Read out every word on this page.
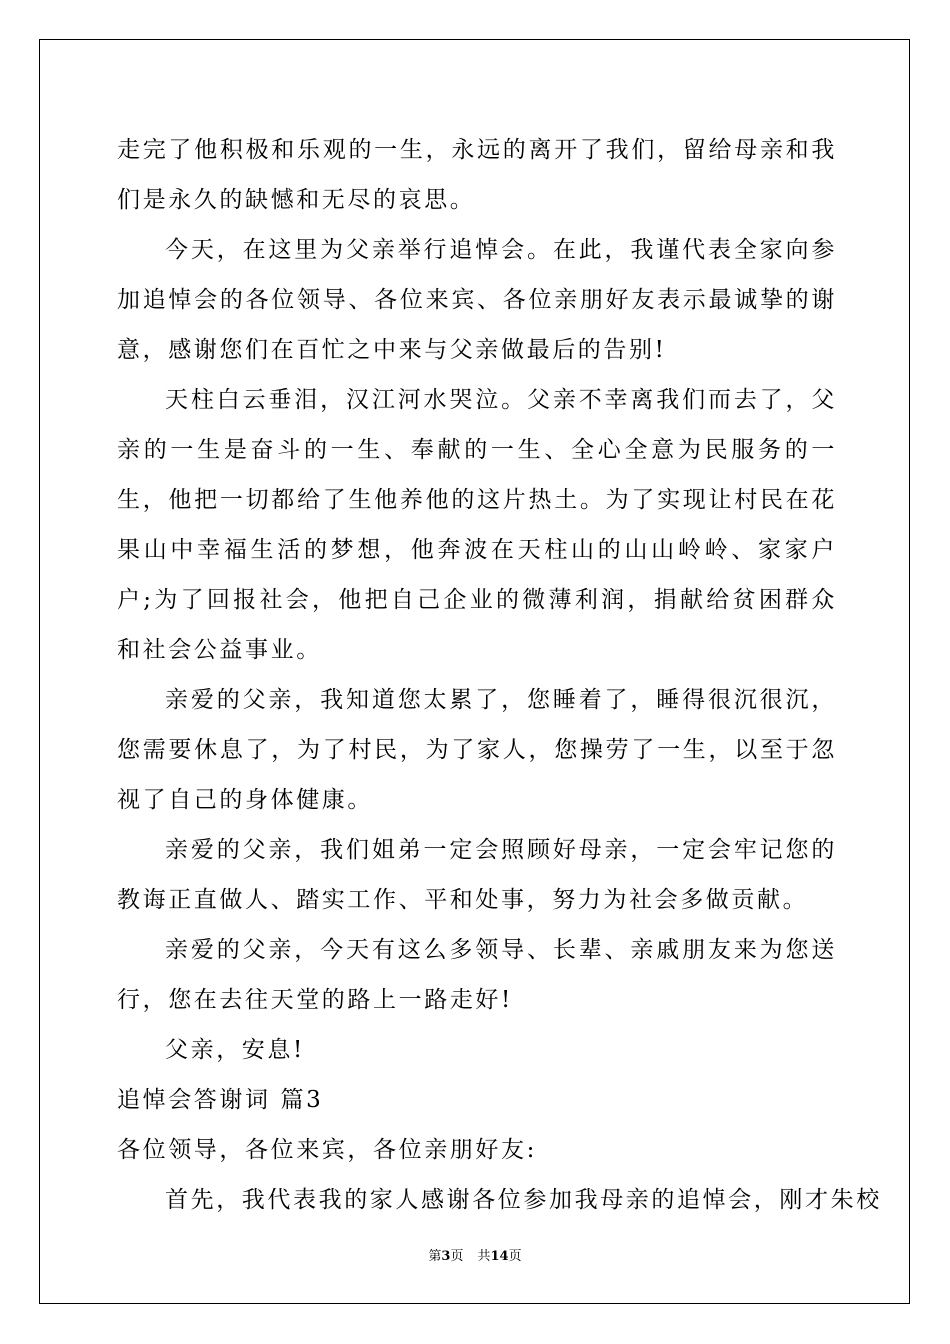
走完了他积极和乐观的一生，永远的离开了我们，留给母亲和我们是永久的缺憾和无尽的哀思。

今天，在这里为父亲举行追悼会。在此，我谨代表全家向参加追悼会的各位领导、各位来宾、各位亲朋好友表示最诚挚的谢意，感谢您们在百忙之中来与父亲做最后的告别!

天柱白云垂泪，汉江河水哭泣。父亲不幸离我们而去了，父亲的一生是奋斗的一生、奉献的一生、全心全意为民服务的一生，他把一切都给了生他养他的这片热土。为了实现让村民在花果山中幸福生活的梦想，他奔波在天柱山的山山岭岭、家家户户;为了回报社会，他把自己企业的微薄利润，捐献给贫困群众和社会公益事业。

亲爱的父亲，我知道您太累了，您睡着了，睡得很沉很沉，您需要休息了，为了村民，为了家人，您操劳了一生，以至于忽视了自己的身体健康。

亲爱的父亲，我们姐弟一定会照顾好母亲，一定会牢记您的教诲正直做人、踏实工作、平和处事，努力为社会多做贡献。

亲爱的父亲，今天有这么多领导、长辈、亲戚朋友来为您送行，您在去往天堂的路上一路走好!

父亲，安息!

追悼会答谢词 篇3

各位领导，各位来宾，各位亲朋好友:

首先，我代表我的家人感谢各位参加我母亲的追悼会，刚才朱校

第3页 共14页
